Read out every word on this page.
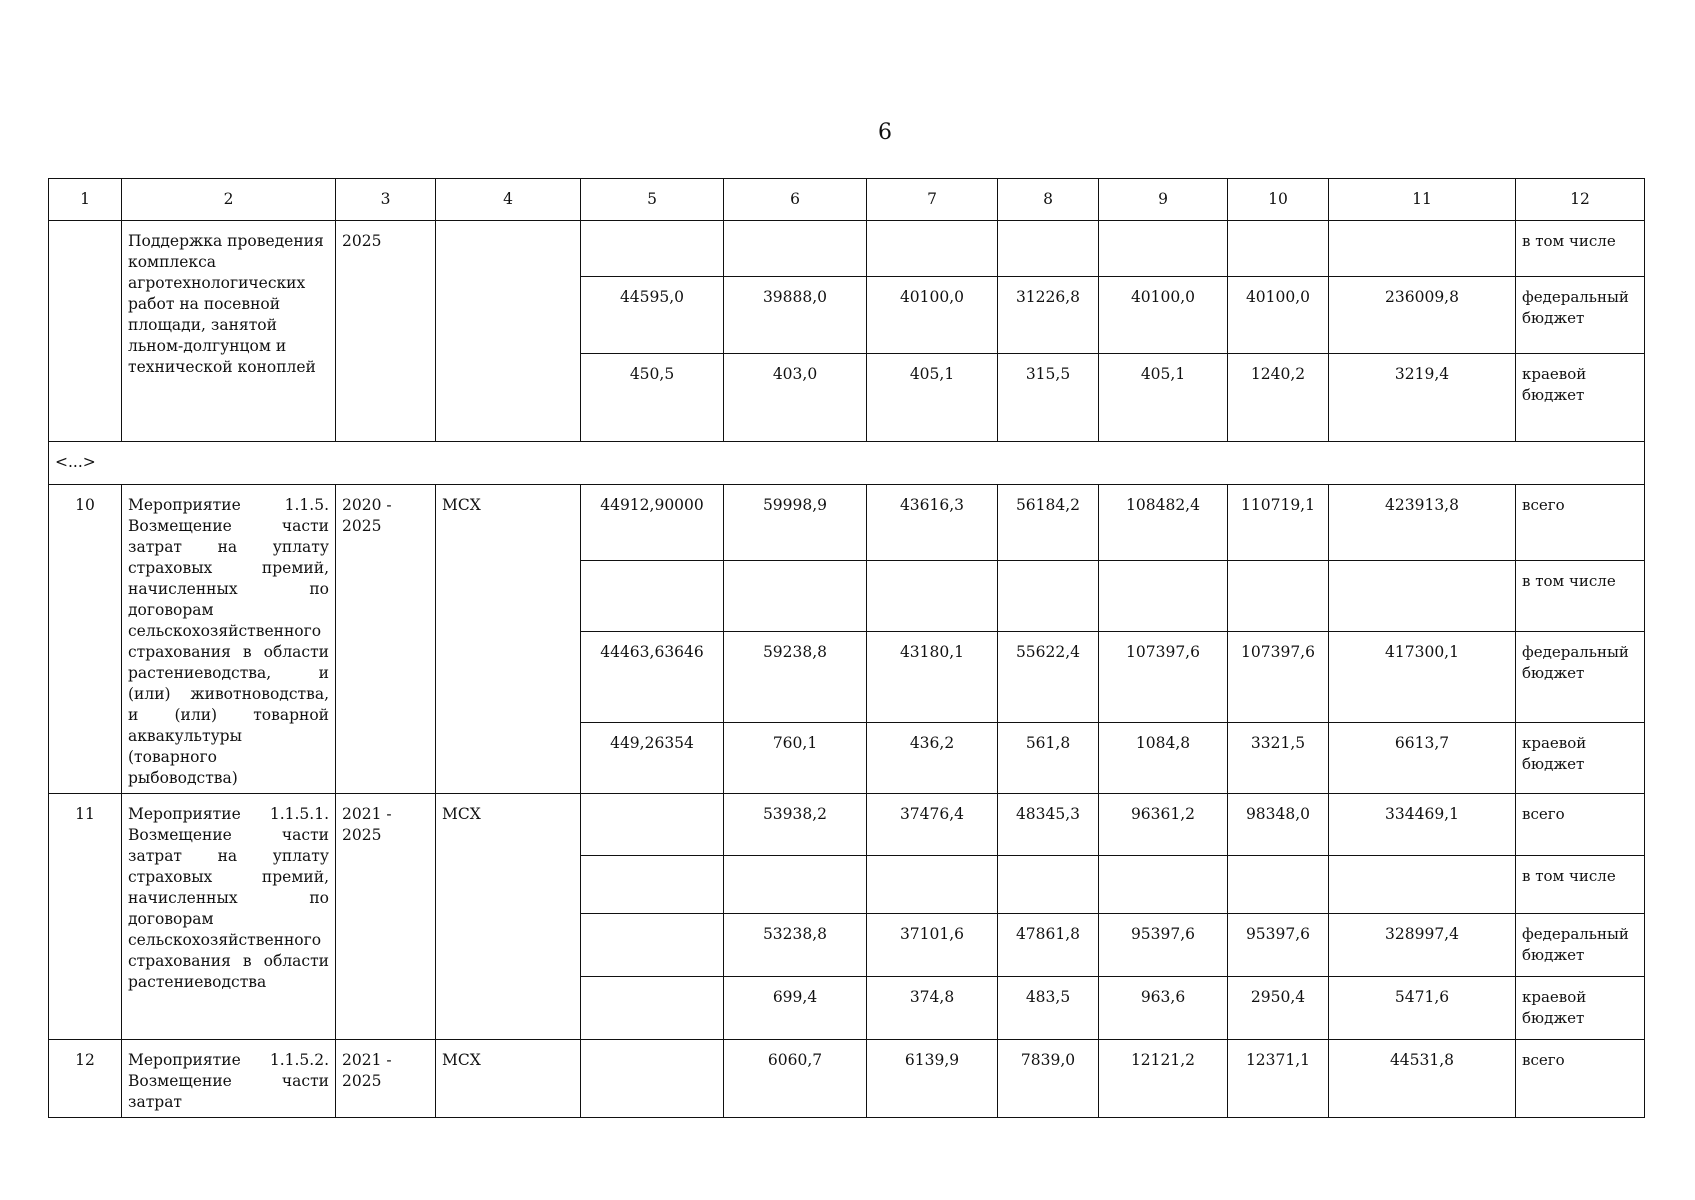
6
1	2	3	4	5	6	7	8	9	10	11	12
	Поддержка проведения комплекса агротехнологических работ на посевной площади, занятой льном-долгунцом и технической коноплей	2025									в том числе
				44595,0	39888,0	40100,0	31226,8	40100,0	40100,0	236009,8	федеральный бюджет
				450,5	403,0	405,1	315,5	405,1	1240,2	3219,4	краевой бюджет
<...>											
10	Мероприятие 1.1.5. Возмещение части затрат на уплату страховых премий, начисленных по договорам сельскохозяйственного страхования в области растениеводства, и (или) животноводства, и (или) товарной аквакультуры (товарного рыбоводства)	2020 - 2025	МСХ	44912,90000	59998,9	43616,3	56184,2	108482,4	110719,1	423913,8	всего
											в том числе
				44463,63646	59238,8	43180,1	55622,4	107397,6	107397,6	417300,1	федеральный бюджет
				449,26354	760,1	436,2	561,8	1084,8	3321,5	6613,7	краевой бюджет
11	Мероприятие 1.1.5.1. Возмещение части затрат на уплату страховых премий, начисленных по договорам сельскохозяйственного страхования в области растениеводства	2021 - 2025	МСХ		53938,2	37476,4	48345,3	96361,2	98348,0	334469,1	всего
											в том числе
					53238,8	37101,6	47861,8	95397,6	95397,6	328997,4	федеральный бюджет
					699,4	374,8	483,5	963,6	2950,4	5471,6	краевой бюджет
12	Мероприятие 1.1.5.2. Возмещение части затрат	2021 - 2025	МСХ		6060,7	6139,9	7839,0	12121,2	12371,1	44531,8	всего
